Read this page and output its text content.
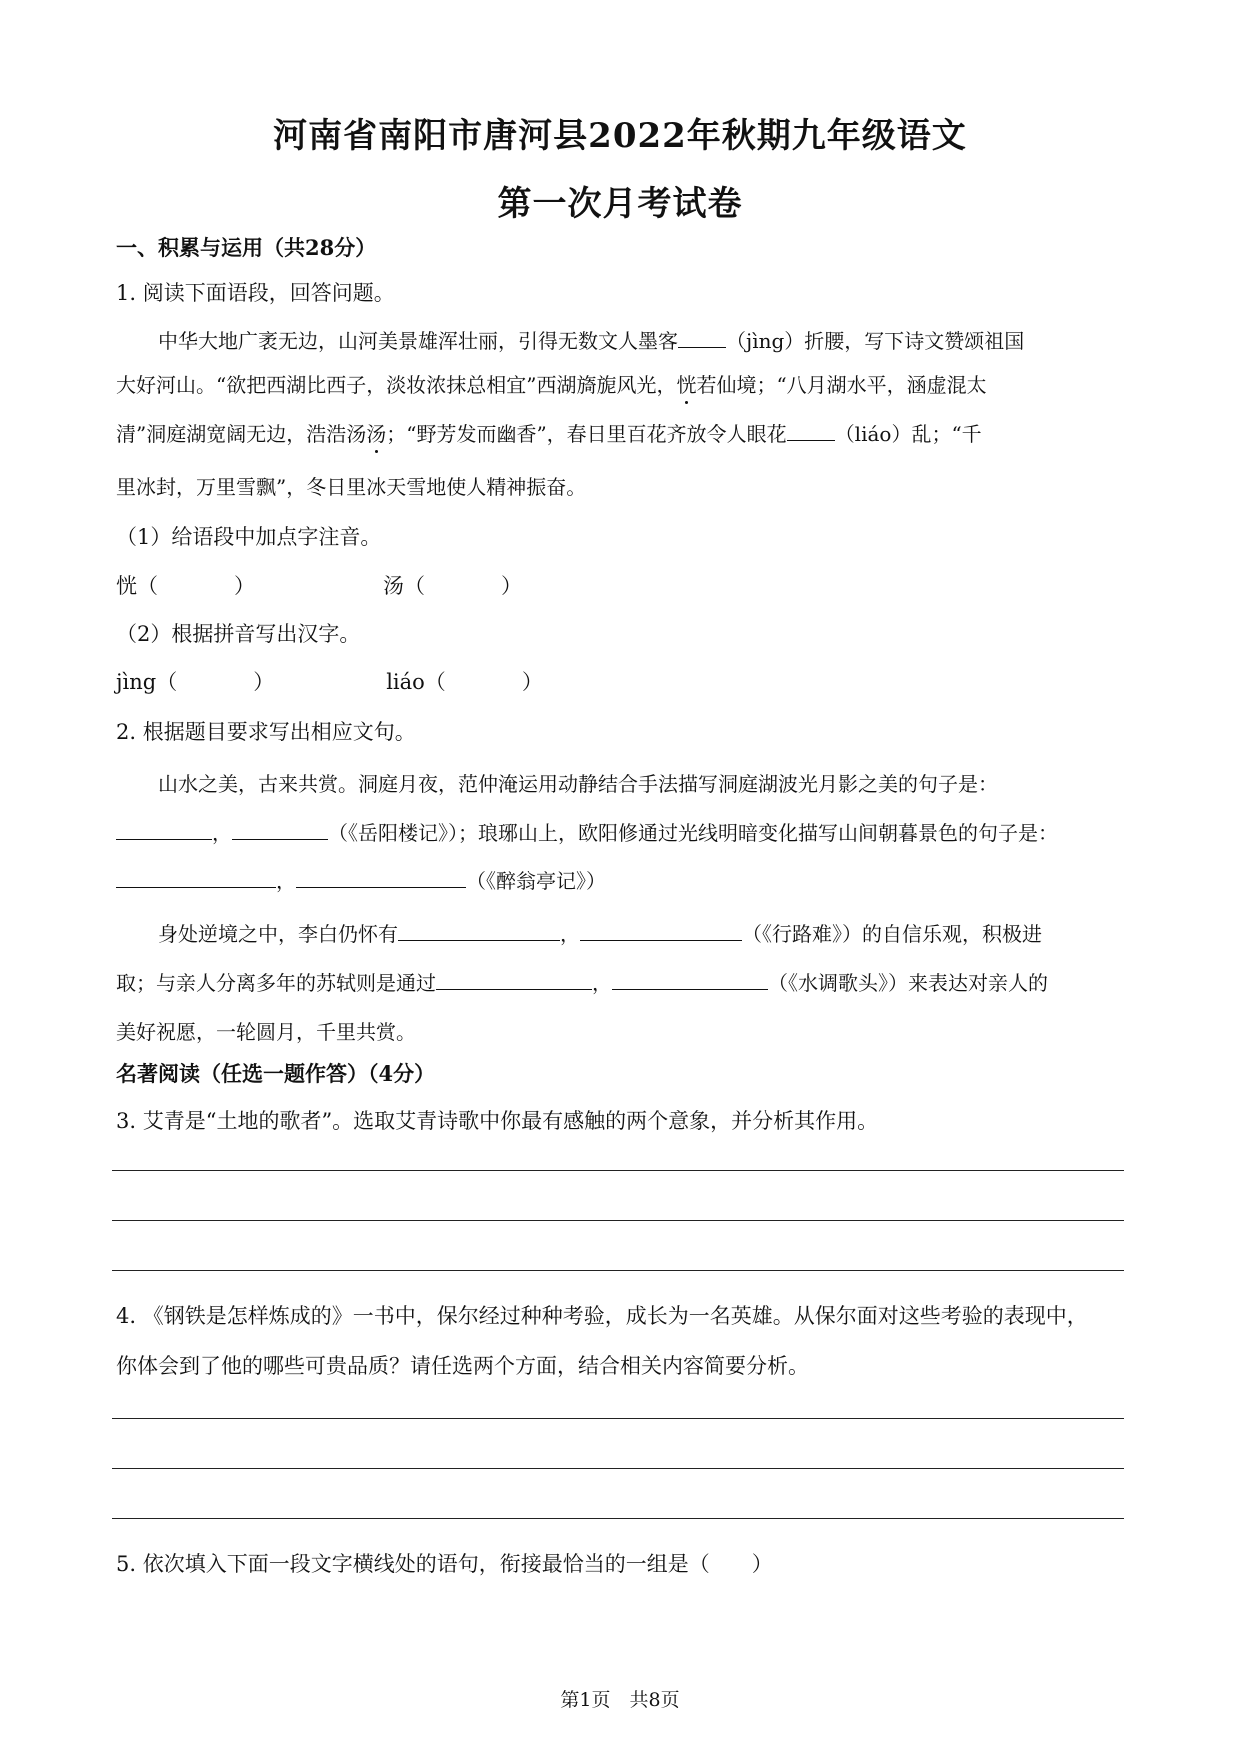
河南省南阳市唐河县2022年秋期九年级语文
第一次月考试卷
一、积累与运用（共28分）
1. 阅读下面语段，回答问题。
中华大地广袤无边，山河美景雄浑壮丽，引得无数文人墨客 （jìng）折腰，写下诗文赞颂祖国
大好河山。“欲把西湖比西子，淡妆浓抹总相宜”西湖旖旎风光，恍若仙境；“八月湖水平，涵虚混太
清”洞庭湖宽阔无边，浩浩汤汤；“野芳发而幽香”，春日里百花齐放令人眼花 （liáo）乱；“千
里冰封，万里雪飘”，冬日里冰天雪地使人精神振奋。
（1）给语段中加点字注音。
恍（	）	汤（	）
（2）根据拼音写出汉字。
jìng（	）	liáo（	）
2. 根据题目要求写出相应文句。
山水之美，古来共赏。洞庭月夜，范仲淹运用动静结合手法描写洞庭湖波光月影之美的句子是：
，	（《岳阳楼记》）；琅琊山上，欧阳修通过光线明暗变化描写山间朝暮景色的句子是：
，	（《醉翁亭记》）
身处逆境之中，李白仍怀有	，	（《行路难》）的自信乐观，积极进
取；与亲人分离多年的苏轼则是通过	，	（《水调歌头》）来表达对亲人的
美好祝愿，一轮圆月，千里共赏。
名著阅读（任选一题作答）（4分）
3. 艾青是“土地的歌者”。选取艾青诗歌中你最有感触的两个意象，并分析其作用。
4. 《钢铁是怎样炼成的》一书中，保尔经过种种考验，成长为一名英雄。从保尔面对这些考验的表现中，
你体会到了他的哪些可贵品质？请任选两个方面，结合相关内容简要分析。
5. 依次填入下面一段文字横线处的语句，衔接最恰当的一组是（　　）
第1页　共8页
